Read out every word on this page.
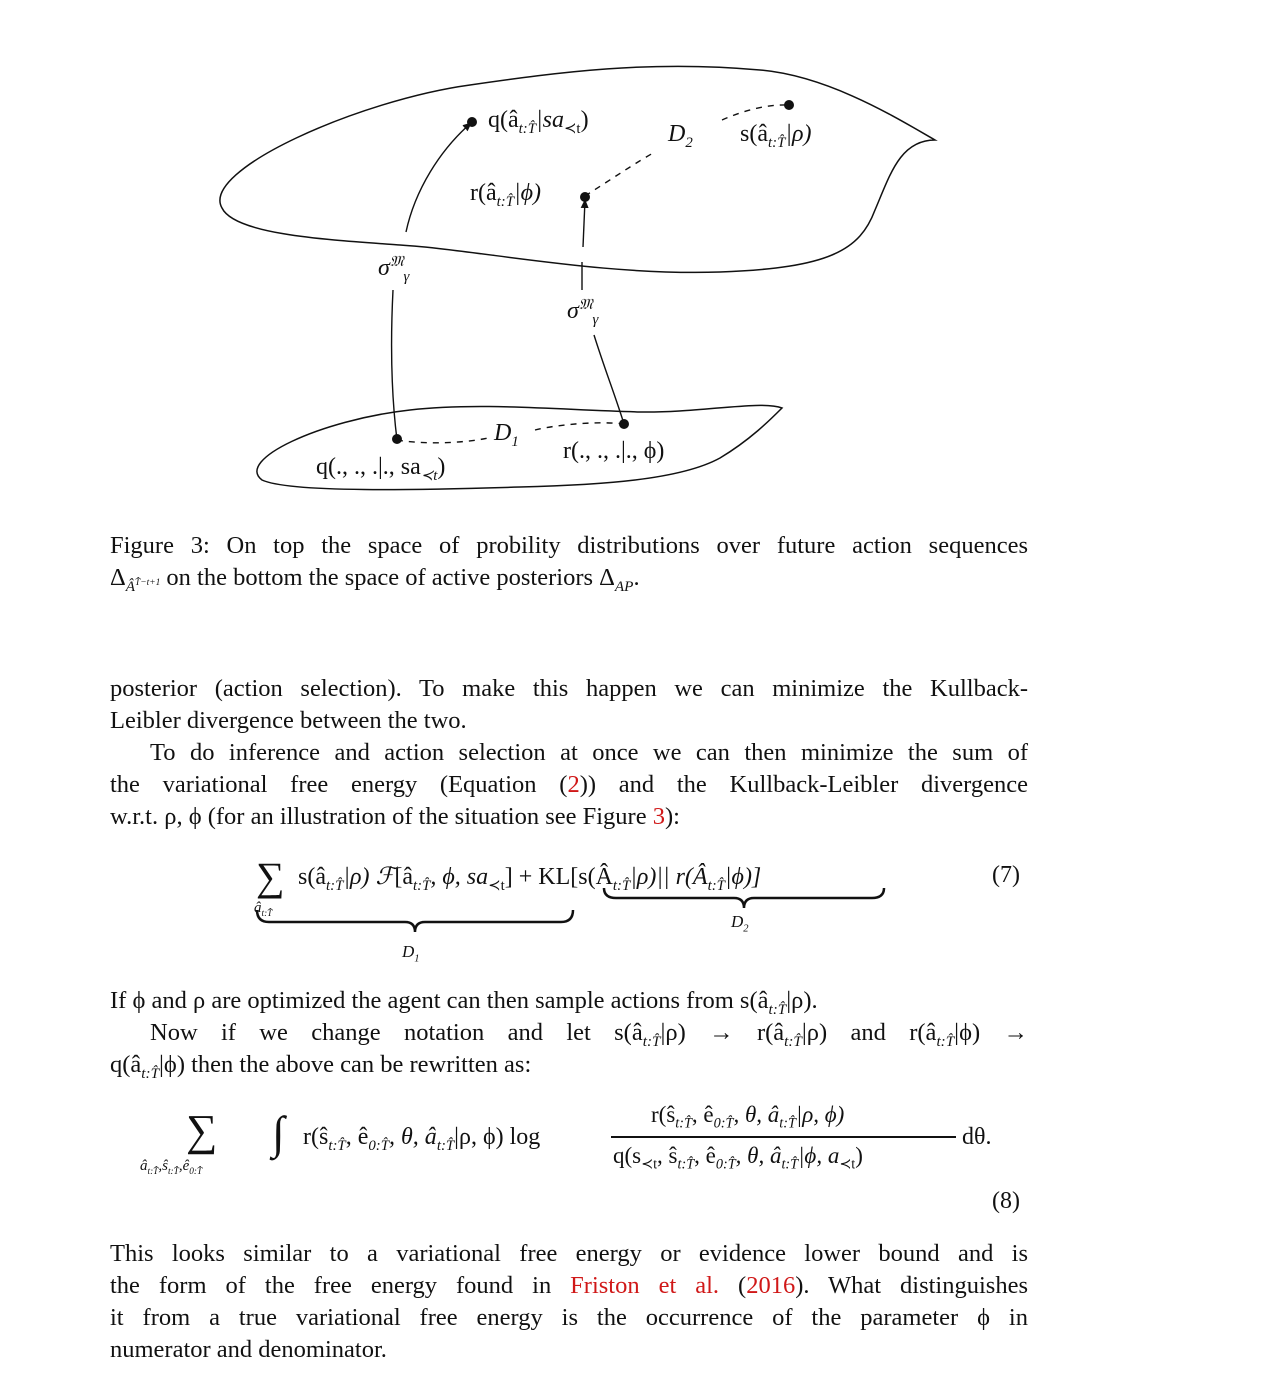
$q(â_{t:T̂}|sa_{≺t})$
$D_2$ $s(â_{t:T̂}|\rho)$
$r(â_{t:T̂}|\phi)$
$\sigma^𝔐_\gamma$
$\sigma^𝔐_\gamma$
$D_1$
q(., ., .|., $sa_{≺t}$)
r(., ., .|., ϕ)
Figure 3: On top the space of probility distributions over future action sequences
$\Delta_{Â^{T̂-t+1}}$ on the bottom the space of active posteriors $\Delta_{AP}$.
posterior (action selection). To make this happen we can minimize the Kullback-
Leibler divergence between the two.
To do inference and action selection at once we can then minimize the sum of
the variational free energy (Equation (2)) and the Kullback-Leibler divergence
w.r.t. ρ, ϕ (for an illustration of the situation see Figure 3):
∑
$â_{t:T̂}$
$s(â_{t:T̂}|\rho)$ $ℱ[â_{t:T̂}$, ϕ, $sa_{≺t}$] + $KL[s(Â_{t:T̂}|\rho)||$ $r(Â_{t:T̂}|\phi)$]
$D_1$
$D_2$
(7)
If ϕ and ρ are optimized the agent can then sample actions from $s(â_{t:T̂}|\rho)$.
Now if we change notation and let $s(â_{t:T̂}|\rho)$ → $r(â_{t:T̂}|\rho)$ and $r(â_{t:T̂}|\phi)$ →
$q(â_{t:T̂}|\phi)$ then the above can be rewritten as:
∑
$â_{t:T̂},ŝ_{t:T̂},ê_{0:T̂}$
∫ $r(ŝ_{t:T̂}$, $ê_{0:T̂}$, θ, $â_{t:T̂}|\rho$, ϕ) log
$r(ŝ_{t:T̂}$, $ê_{0:T̂}$, θ, $â_{t:T̂}|\rho$, ϕ)
$q(s_{≺t}$, $ŝ_{t:T̂}$, $ê_{0:T̂}$, θ, $â_{t:T̂}|\phi$, $a_{≺t}$)
dθ.
(8)
This looks similar to a variational free energy or evidence lower bound and is
the form of the free energy found in Friston et al. (2016). What distinguishes
it from a true variational free energy is the occurrence of the parameter ϕ in
numerator and denominator.
